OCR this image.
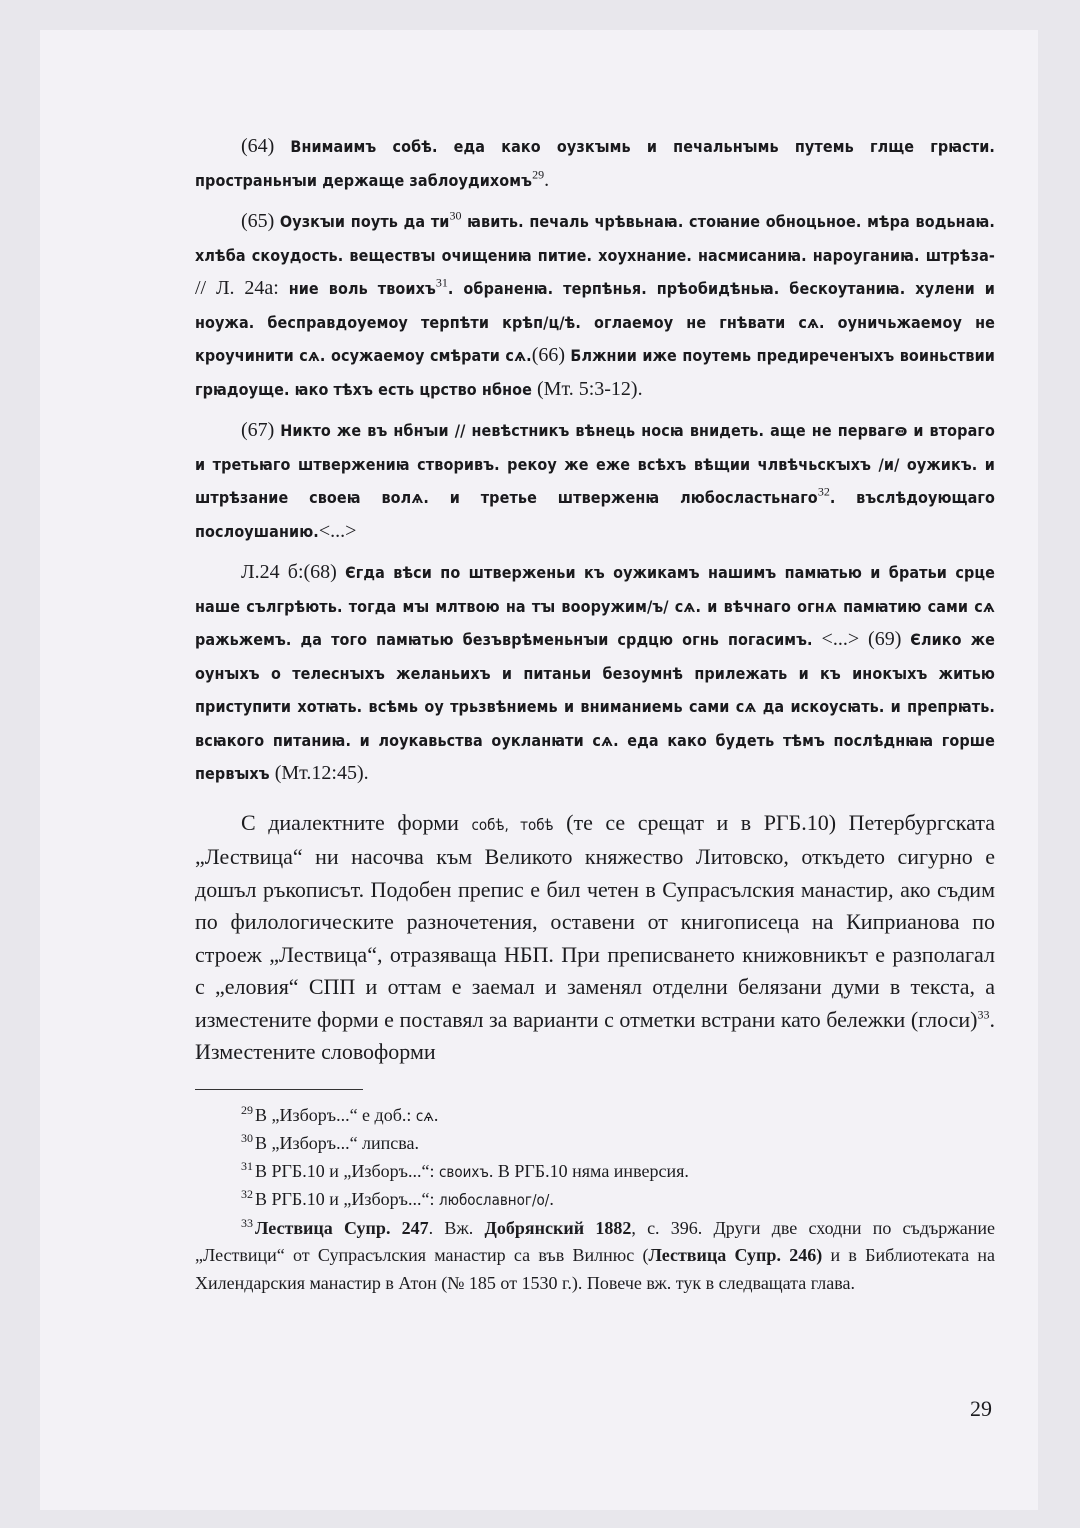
(64) Внимаимъ собѣ. еда како оузкꙑмь и печальнꙑмь путемь глще грꙗсти. пространьнꙑи держаще заблоудихомъ$^{29}$.

(65) Оузкꙑи поуть да $ти^{30}$ ꙗвить. печаль чрѣвьнаꙗ. стоꙗние обноцьное. мѣра водьнаꙗ. хлѣба скоудость. веществꙑ очищениꙗ питие. хоухнание. насмисаниꙗ. нароуганиꙗ. штрѣза- // Л. 24а: ние воль твоихъ$^{31}$. обраненꙗ. терпѣнья. прѣобидѣньꙗ. бескоутаниꙗ. хулени и ноужа. бесправдоуемоу терпѣти крѣп/ц/ѣ. оглаемоу не гнѣвати сѧ. оуничьжаемоу не кроучинити сѧ. осужаемоу смѣрати сѧ.(66) Блжнии иже поутемь предиреченꙑхъ воиньствии грꙗдоуще. ꙗко тѣхъ есть црство нбное (Мт. 5:3-12).

(67) Никто же въ нбнꙑи // невѣстникъ вѣнець носꙗ внидеть. аще не первагꙫ и втораго и третьꙗго штвержениꙗ створивъ. рекоу же еже всѣхъ вѣщии члвѣчьскꙑхъ /и/ оужикъ. и штрѣзание своеꙗ волѧ. и третье штверженꙗ любосластьнаго$^{32}$. въслѣдоующаго послоушанию.<...>

Л.24 б:(68) Єгда вѣси по штверженьи къ оужикамъ нашимъ памꙗтью и братьи срце наше сългрѣють. тогда мꙑ млтвою на тꙑ вооружим/ъ/ сѧ. и вѣчнаго огнѧ памꙗтию сами сѧ ражьжемъ. да того памꙗтью безъврѣменьнꙑи срдцю огнь погасимъ. <...> (69) Єлико же оунꙑхъ о телеснꙑхъ желаньихъ и питаньи безоумнѣ прилежать и къ инокꙑхъ житью приступити хотꙗть. всѣмь оу трьзвѣниемь и вниманиемь сами сѧ да искоусꙗть. и препрꙗть. всꙗкого питаниꙗ. и лоукавьства оукланꙗти сѧ. еда како будеть тѣмъ послѣднꙗꙗ горше первꙑхъ (Мт.12:45).

С диалектните форми собѣ, тобѣ (те се срещат и в РГБ.10) Петербургската „Лествица“ ни насочва към Великото княжество Литовско, откъдето сигурно е дошъл ръкописът. Подобен препис е бил четен в Супрасълския манастир, ако съдим по филологическите разночетения, оставени от книгописеца на Киприанова по строеж „Лествица“, отразяваща НБП. При преписването книжовникът е разполагал с „еловия“ СПП и оттам е заемал и заменял отделни белязани думи в текста, а изместените форми е поставял за варианти с отметки встрани като бележки (глоси)$^{33}$. Изместените словоформи

$^{29}$ В „Изборъ...“ е доб.: сѧ.

$^{30}$ В „Изборъ...“ липсва.

$^{31}$ В РГБ.10 и „Изборъ...“: своихъ. В РГБ.10 няма инверсия.

$^{32}$ В РГБ.10 и „Изборъ...“: любославног/о/.

$^{33}$ Лествица Супр. 247. Вж. Добрянский 1882, с. 396. Други две сходни по съдържание „Лествици“ от Супрасълския манастир са във Вилнюс (Лествица Супр. 246) и в Библиотеката на Хилендарския манастир в Атон (№ 185 от 1530 г.). Повече вж. тук в следващата глава.

29
